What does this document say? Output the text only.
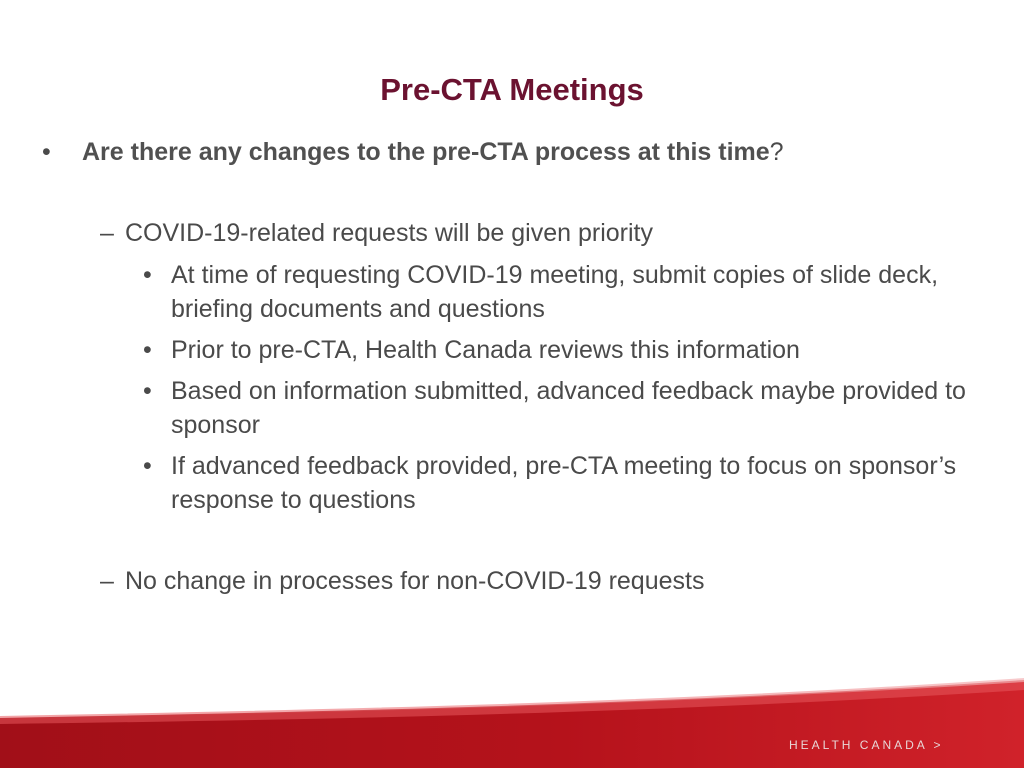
Pre-CTA Meetings
• Are there any changes to the pre-CTA process at this time?
– COVID-19-related requests will be given priority
• At time of requesting COVID-19 meeting, submit copies of slide deck, briefing documents and questions
• Prior to pre-CTA, Health Canada reviews this information
• Based on information submitted, advanced feedback maybe provided to sponsor
• If advanced feedback provided, pre-CTA meeting to focus on sponsor’s response to questions
– No change in processes for non-COVID-19 requests
HEALTH CANADA >
